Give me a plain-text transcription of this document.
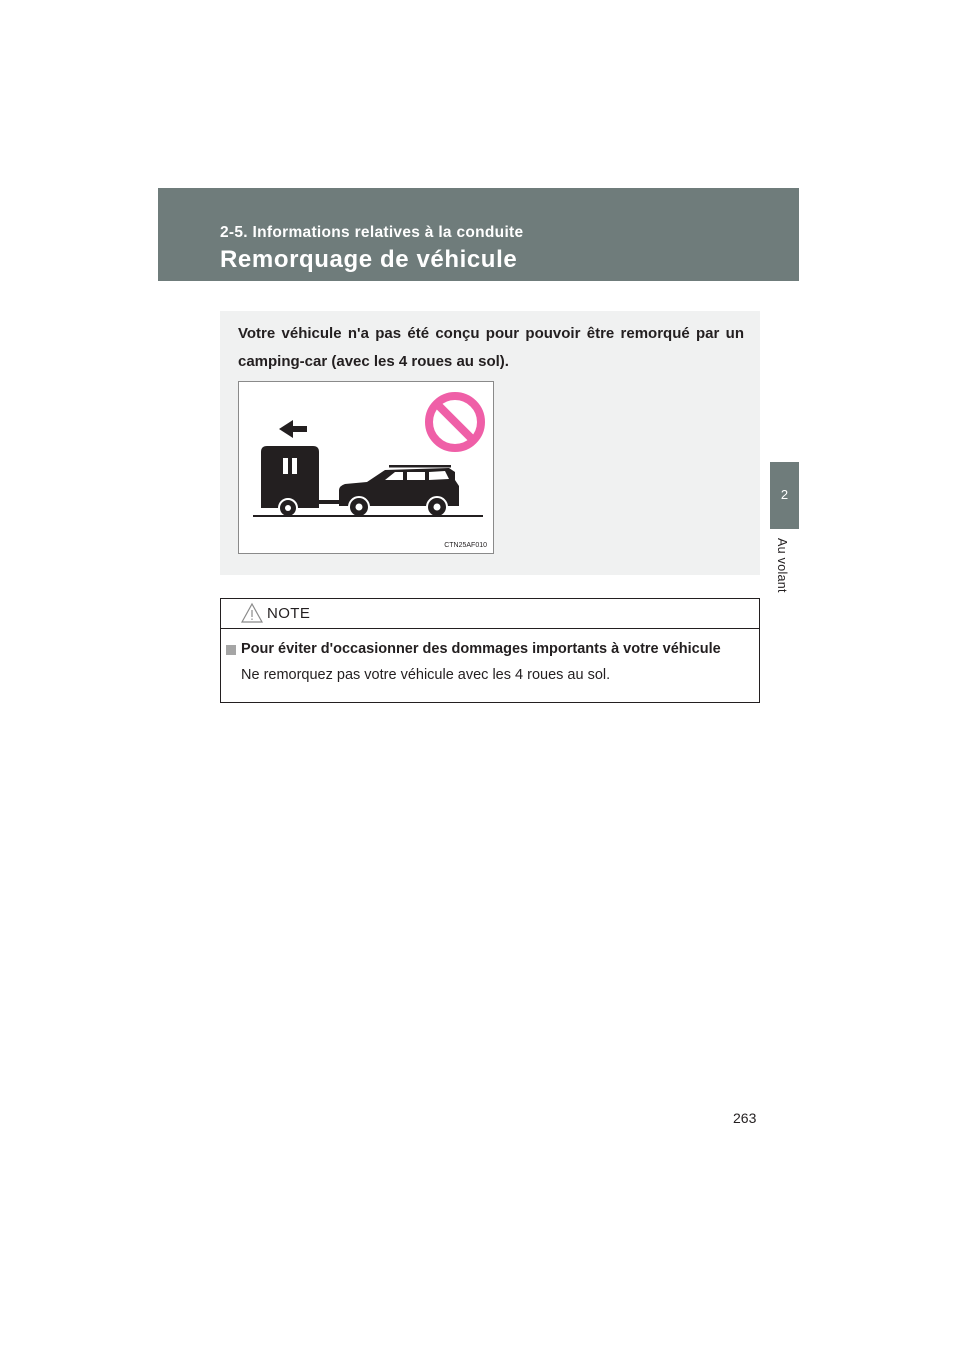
2-5. Informations relatives à la conduite
Remorquage de véhicule
2
Au volant
Votre véhicule n'a pas été conçu pour pouvoir être remorqué par un camping-car (avec les 4 roues au sol).
CTN25AF010
NOTE
Pour éviter d'occasionner des dommages importants à votre véhicule
Ne remorquez pas votre véhicule avec les 4 roues au sol.
263
